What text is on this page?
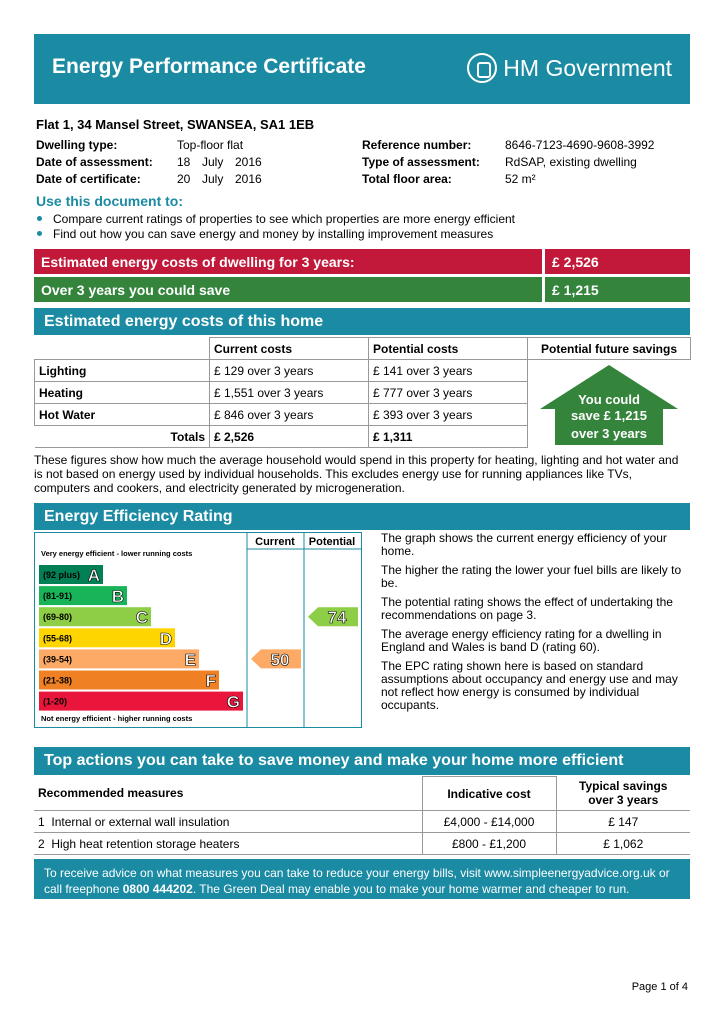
Energy Performance Certificate	HM Government
Flat 1, 34 Mansel Street, SWANSEA, SA1 1EB
Dwelling type:	Top-floor flat
Date of assessment: 18 July 2016
Date of certificate:	20 July 2016
Reference number:	8646-7123-4690-9608-3992
Type of assessment: RdSAP, existing dwelling
Total floor area:	52 m²
Use this document to:
Compare current ratings of properties to see which properties are more energy efficient
Find out how you can save energy and money by installing improvement measures
Estimated energy costs of dwelling for 3 years:	£ 2,526
Over 3 years you could save	£ 1,215
Estimated energy costs of this home
	Current costs	Potential costs	Potential future savings
Lighting	£ 129 over 3 years	£ 141 over 3 years	
Heating	£ 1,551 over 3 years	£ 777 over 3 years	
Hot Water	£ 846 over 3 years	£ 393 over 3 years	
Totals	£ 2,526	£ 1,311	
You could
save £ 1,215
over 3 years
These figures show how much the average household would spend in this property for heating, lighting and hot water and is not based on energy used by individual households. This excludes energy use for running appliances like TVs, computers and cookers, and electricity generated by microgeneration.
Energy Efficiency Rating
Current Potential
Very energy efficient - lower running costs
Not energy efficient - higher running costs
(92 plus) A
(81-91) B
(69-80)	C
(55-68)	D
(39-54)	E
(21-38)	F
(1-20)	G
50
74

The graph shows the current energy efficiency of your home.

The higher the rating the lower your fuel bills are likely to be.

The potential rating shows the effect of undertaking the recommendations on page 3.

The average energy efficiency rating for a dwelling in England and Wales is band D (rating 60).

The EPC rating shown here is based on standard assumptions about occupancy and energy use and may not reflect how energy is consumed by individual occupants.

Top actions you can take to save money and make your home more efficient
Recommended measures	Indicative cost	Typical savings
over 3 years
1 Internal or external wall insulation	£4,000 - £14,000	£ 147
2 High heat retention storage heaters	£800 - £1,200	£ 1,062
To receive advice on what measures you can take to reduce your energy bills, visit www.simpleenergyadvice.org.uk or
call freephone 0800 444202. The Green Deal may enable you to make your home warmer and cheaper to run.
Page 1 of 4
